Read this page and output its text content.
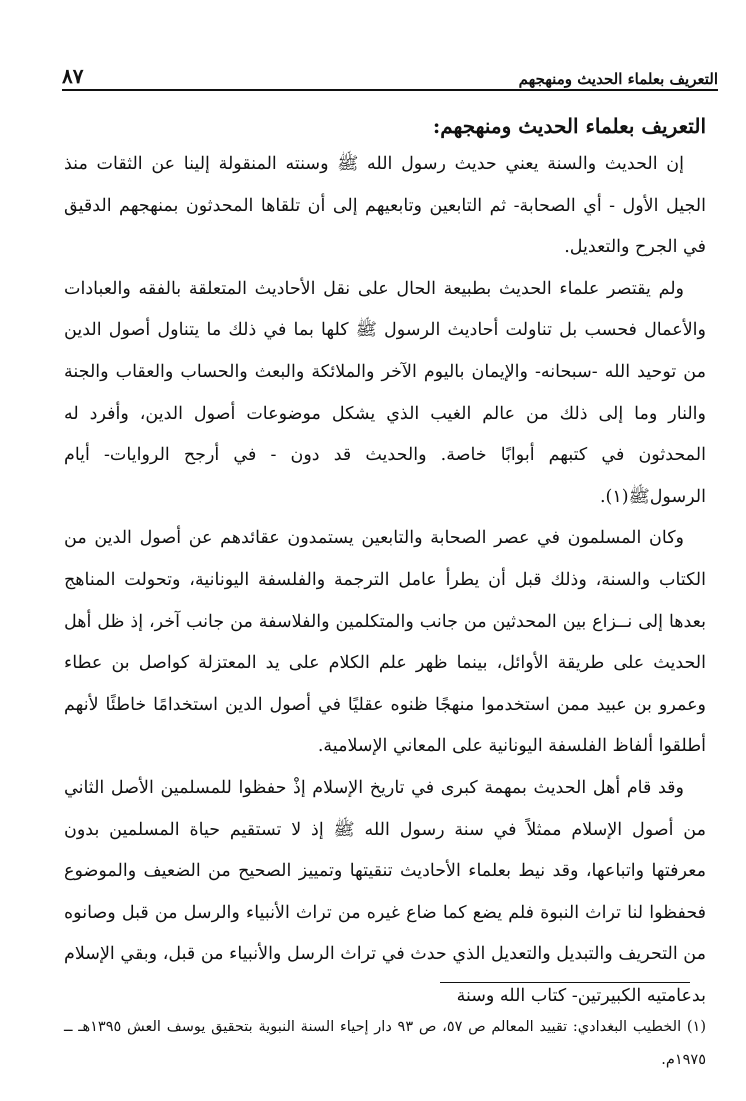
التعريف بعلماء الحديث ومنهجهم
٨٧

التعريف بعلماء الحديث ومنهجهم:

إن الحديث والسنة يعني حديث رسول الله ﷺ وسنته المنقولة إلينا عن الثقات منذ الجيل الأول - أي الصحابة- ثم التابعين وتابعيهم إلى أن تلقاها المحدثون بمنهجهم الدقيق في الجرح والتعديل.

ولم يقتصر علماء الحديث بطبيعة الحال على نقل الأحاديث المتعلقة بالفقه والعبادات والأعمال فحسب بل تناولت أحاديث الرسول ﷺ كلها بما في ذلك ما يتناول أصول الدين من توحيد الله -سبحانه- والإيمان باليوم الآخر والملائكة والبعث والحساب والعقاب والجنة والنار وما إلى ذلك من عالم الغيب الذي يشكل موضوعات أصول الدين، وأفرد له المحدثون في كتبهم أبوابًا خاصة. والحديث قد دون - في أرجح الروايات- أيام الرسولﷺ(١).

وكان المسلمون في عصر الصحابة والتابعين يستمدون عقائدهم عن أصول الدين من الكتاب والسنة، وذلك قبل أن يطرأ عامل الترجمة والفلسفة اليونانية، وتحولت المناهج بعدها إلى نــزاع بين المحدثين من جانب والمتكلمين والفلاسفة من جانب آخر، إذ ظل أهل الحديث على طريقة الأوائل، بينما ظهر علم الكلام على يد المعتزلة كواصل بن عطاء وعمرو بن عبيد ممن استخدموا منهجًا ظنوه عقليًا في أصول الدين استخدامًا خاطئًا لأنهم أطلقوا ألفاظ الفلسفة اليونانية على المعاني الإسلامية.

وقد قام أهل الحديث بمهمة كبرى في تاريخ الإسلام إذْ حفظوا للمسلمين الأصل الثاني من أصول الإسلام ممثلاً في سنة رسول الله ﷺ إذ لا تستقيم حياة المسلمين بدون معرفتها واتباعها، وقد نيط بعلماء الأحاديث تنقيتها وتمييز الصحيح من الضعيف والموضوع فحفظوا لنا تراث النبوة فلم يضع كما ضاع غيره من تراث الأنبياء والرسل من قبل وصانوه من التحريف والتبديل والتعديل الذي حدث في تراث الرسل والأنبياء من قبل، وبقي الإسلام بدعامتيه الكبيرتين- كتاب الله وسنة

(١) الخطيب البغدادي: تقييد المعالم ص ٥٧، ص ٩٣ دار إحياء السنة النبوية بتحقيق يوسف العش ١٣٩٥هـ ــ ١٩٧٥م.
